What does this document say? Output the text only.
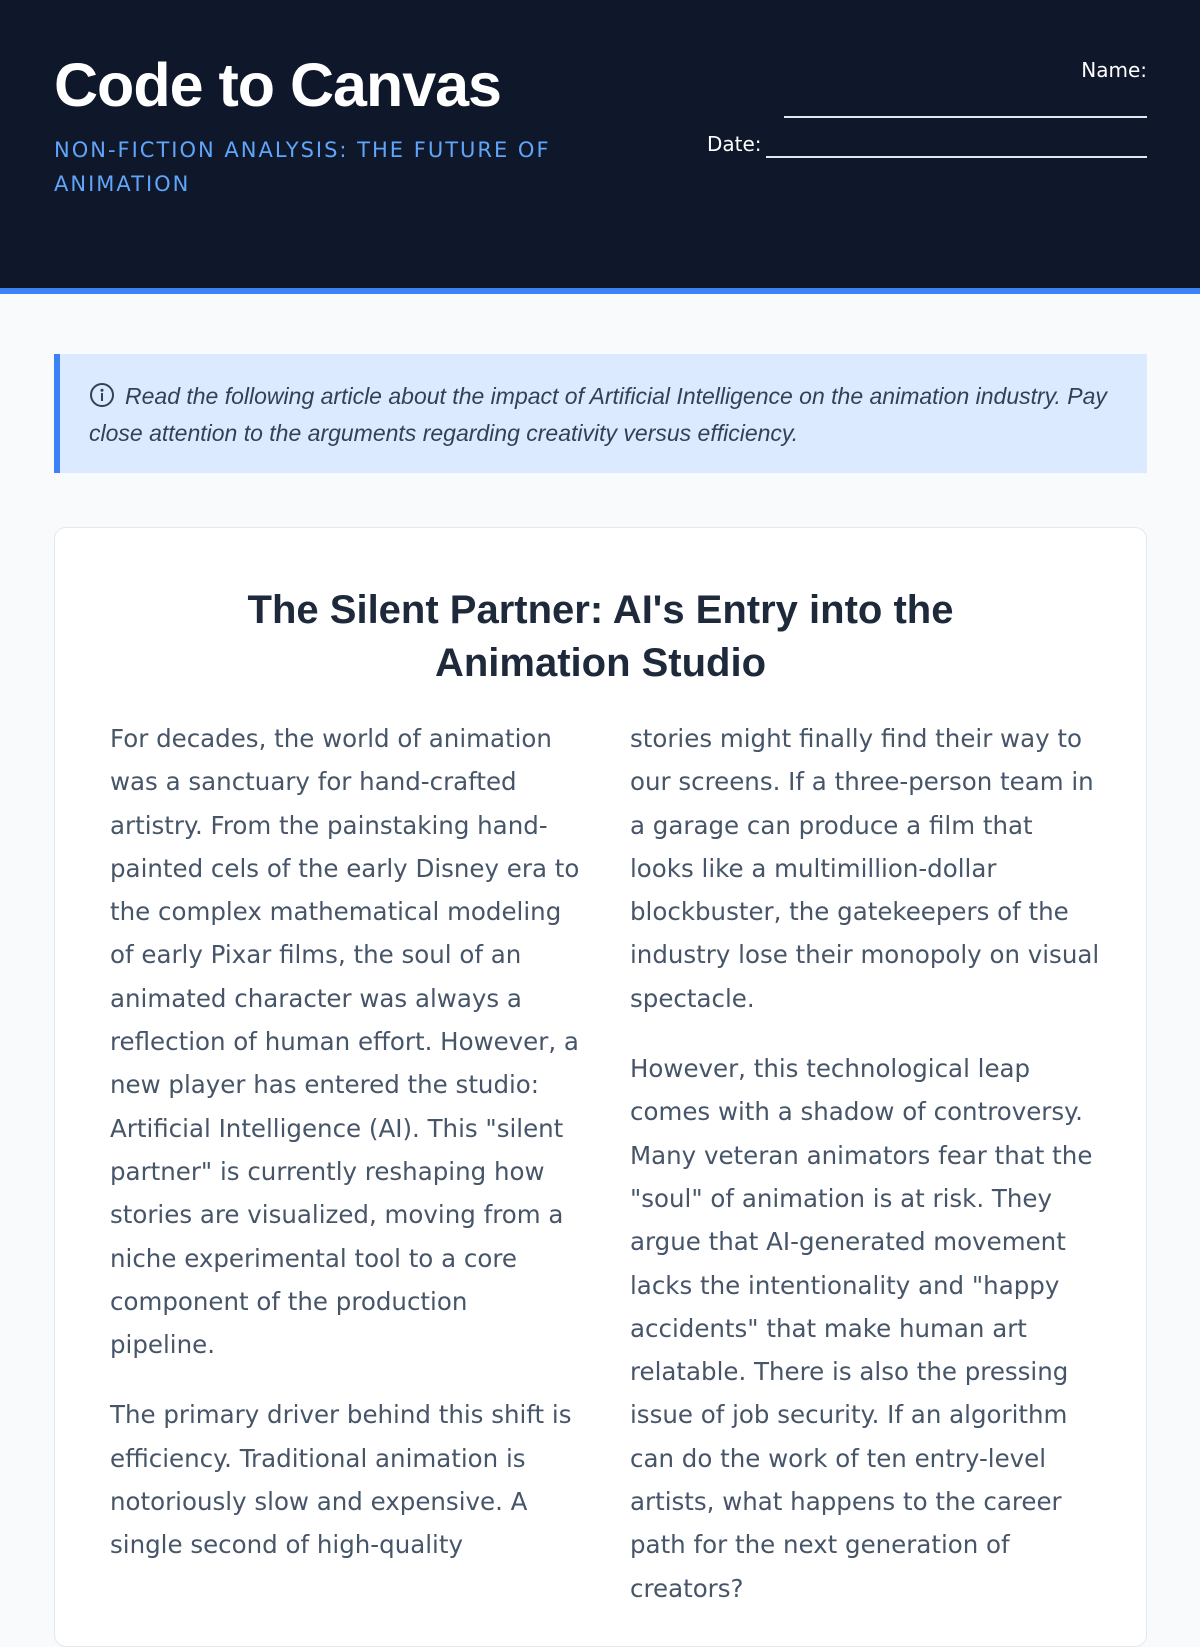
Code to Canvas
NON-FICTION ANALYSIS: THE FUTURE OF ANIMATION
Name:
Date:
Read the following article about the impact of Artificial Intelligence on the animation industry. Pay close attention to the arguments regarding creativity versus efficiency.
The Silent Partner: AI's Entry into the Animation Studio

For decades, the world of animation was a sanctuary for hand-crafted artistry. From the painstaking hand-painted cels of the early Disney era to the complex mathematical modeling of early Pixar films, the soul of an animated character was always a reflection of human effort. However, a new player has entered the studio: Artificial Intelligence (AI). This "silent partner" is currently reshaping how stories are visualized, moving from a niche experimental tool to a core component of the production pipeline.

The primary driver behind this shift is efficiency. Traditional animation is notoriously slow and expensive. A single second of high-quality

stories might finally find their way to our screens. If a three-person team in a garage can produce a film that looks like a multimillion-dollar blockbuster, the gatekeepers of the industry lose their monopoly on visual spectacle.

However, this technological leap comes with a shadow of controversy. Many veteran animators fear that the "soul" of animation is at risk. They argue that AI-generated movement lacks the intentionality and "happy accidents" that make human art relatable. There is also the pressing issue of job security. If an algorithm can do the work of ten entry-level artists, what happens to the career path for the next generation of creators?
